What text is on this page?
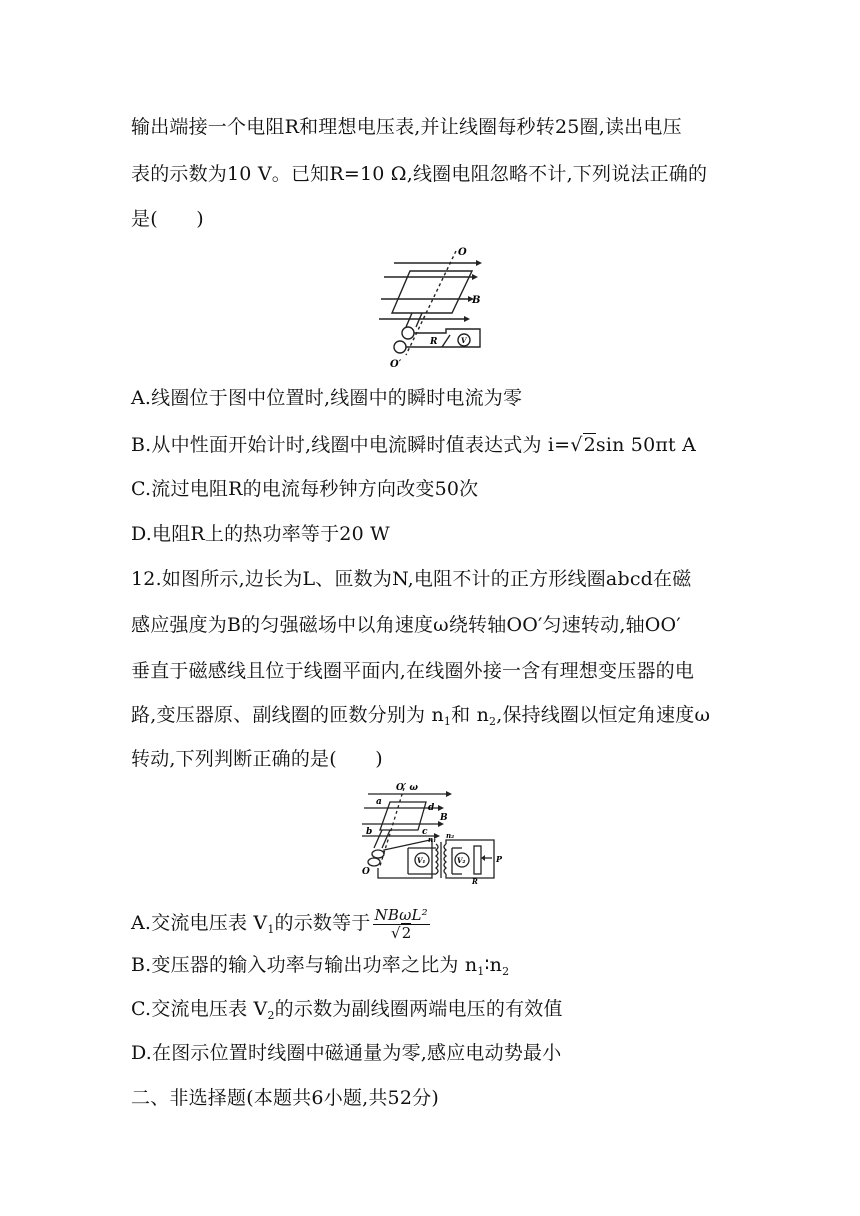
输出端接一个电阻R和理想电压表,并让线圈每秒转25圈,读出电压
表的示数为10 V。已知R=10 Ω,线圈电阻忽略不计,下列说法正确的
是(　　)
O
B
R	V
O′
A.线圈位于图中位置时,线圈中的瞬时电流为零
B.从中性面开始计时,线圈中电流瞬时值表达式为 i=√2sin 50πt A
C.流过电阻R的电流每秒钟方向改变50次
D.电阻R上的热功率等于20 W
12.如图所示,边长为L、匝数为N,电阻不计的正方形线圈abcd在磁
感应强度为B的匀强磁场中以角速度ω绕转轴OO′匀速转动,轴OO′
垂直于磁感线且位于线圈平面内,在线圈外接一含有理想变压器的电
路,变压器原、副线圈的匝数分别为 $n_1$和 $n_2$,保持线圈以恒定角速度ω
转动,下列判断正确的是(　　)
O′ ω
a
d
B
b	c
n₁ n₂
V₁	V₂	P
R
O
A.交流电压表 $V_1$的示数等于 $\frac{\text{NBωL²}}{√2}$
B.变压器的输入功率与输出功率之比为 $n_1∶n_2$
C.交流电压表 $V_2$的示数为副线圈两端电压的有效值
D.在图示位置时线圈中磁通量为零,感应电动势最小
二、非选择题(本题共6小题,共52分)
